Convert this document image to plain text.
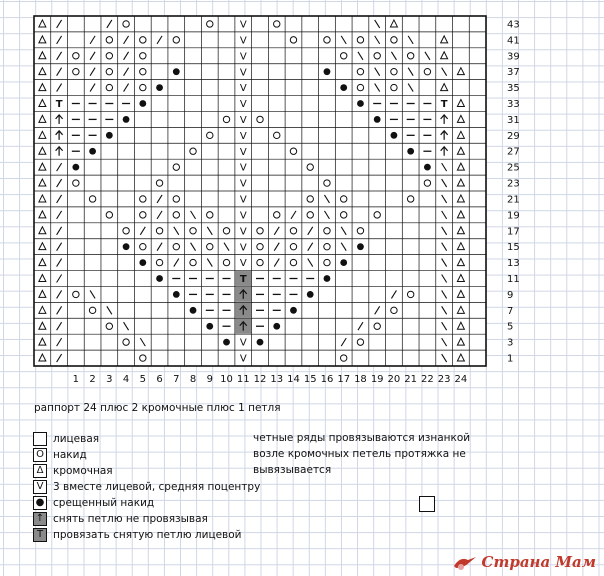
V
V
V
V
V
T	V	T
V
V
V
V
V
V
V
V
V
V
T
V
V
43
41
39
37
35
33
31
29
27
25
23
21
19
17
15
13
11
9
7
5
3
1
1 2 3 4 5 6 7 8 9 10 11 12 13 14 15 16 17 18 19 20 21 22 23 24
раппорт 24 плюс 2 кромочные плюс 1 петля
лицевая
O накид
Δ кромочная
V 3 вместе лицевой, средняя поцентру
● срещенный накид
↑ снять петлю не провязывая
T провязать снятую петлю лицевой
четные ряды провязываются изнанкой
возле кромочных петель протяжка не
вывязывается
Страна Мам
